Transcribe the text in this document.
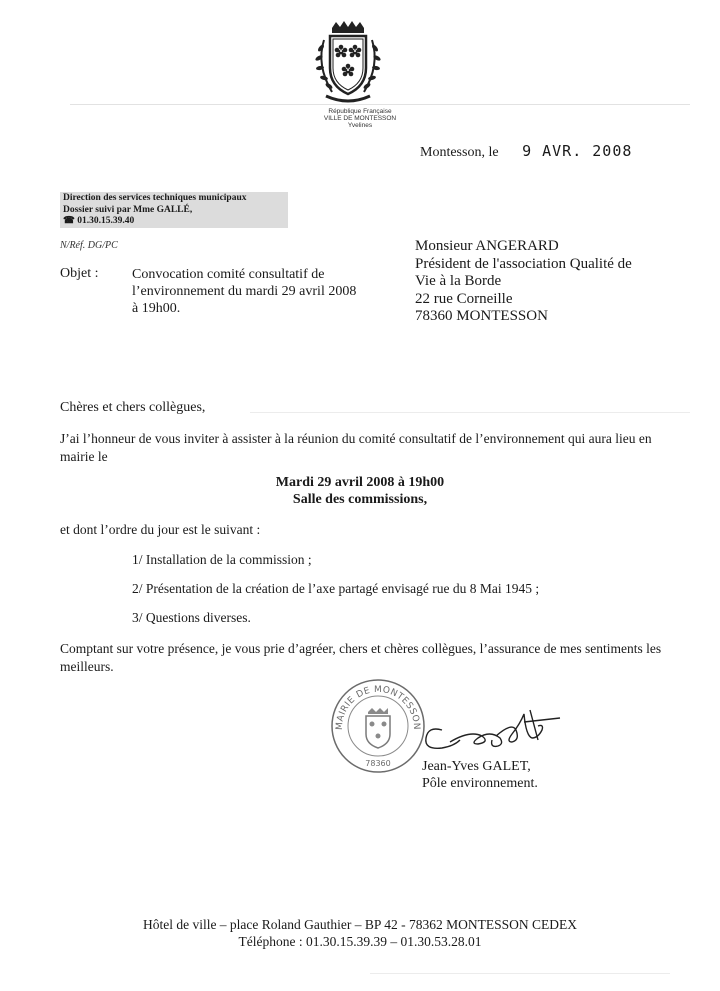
République Française
VILLE DE MONTESSON
Yvelines
Montesson, le 9 AVR. 2008
Direction des services techniques municipaux
Dossier suivi par Mme GALLÉ,
☎ 01.30.15.39.40
N/Réf. DG/PC
Objet : Convocation comité consultatif de l’environnement du mardi 29 avril 2008 à 19h00.
Monsieur ANGERARD
Président de l'association Qualité de
Vie à la Borde
22 rue Corneille
78360 MONTESSON
Chères et chers collègues,
J’ai l’honneur de vous inviter à assister à la réunion du comité consultatif de l’environnement qui aura lieu en mairie le
Mardi 29 avril 2008 à 19h00
Salle des commissions,
et dont l’ordre du jour est le suivant :
1/ Installation de la commission ;
2/ Présentation de la création de l’axe partagé envisagé rue du 8 Mai 1945 ;
3/ Questions diverses.
Comptant sur votre présence, je vous prie d’agréer, chers et chères collègues, l’assurance de mes sentiments les meilleurs.
MAIRIE DE MONTESSON
78360 Jean-Yves GALET,
Pôle environnement.
Hôtel de ville – place Roland Gauthier – BP 42 - 78362 MONTESSON CEDEX
Téléphone : 01.30.15.39.39 – 01.30.53.28.01
